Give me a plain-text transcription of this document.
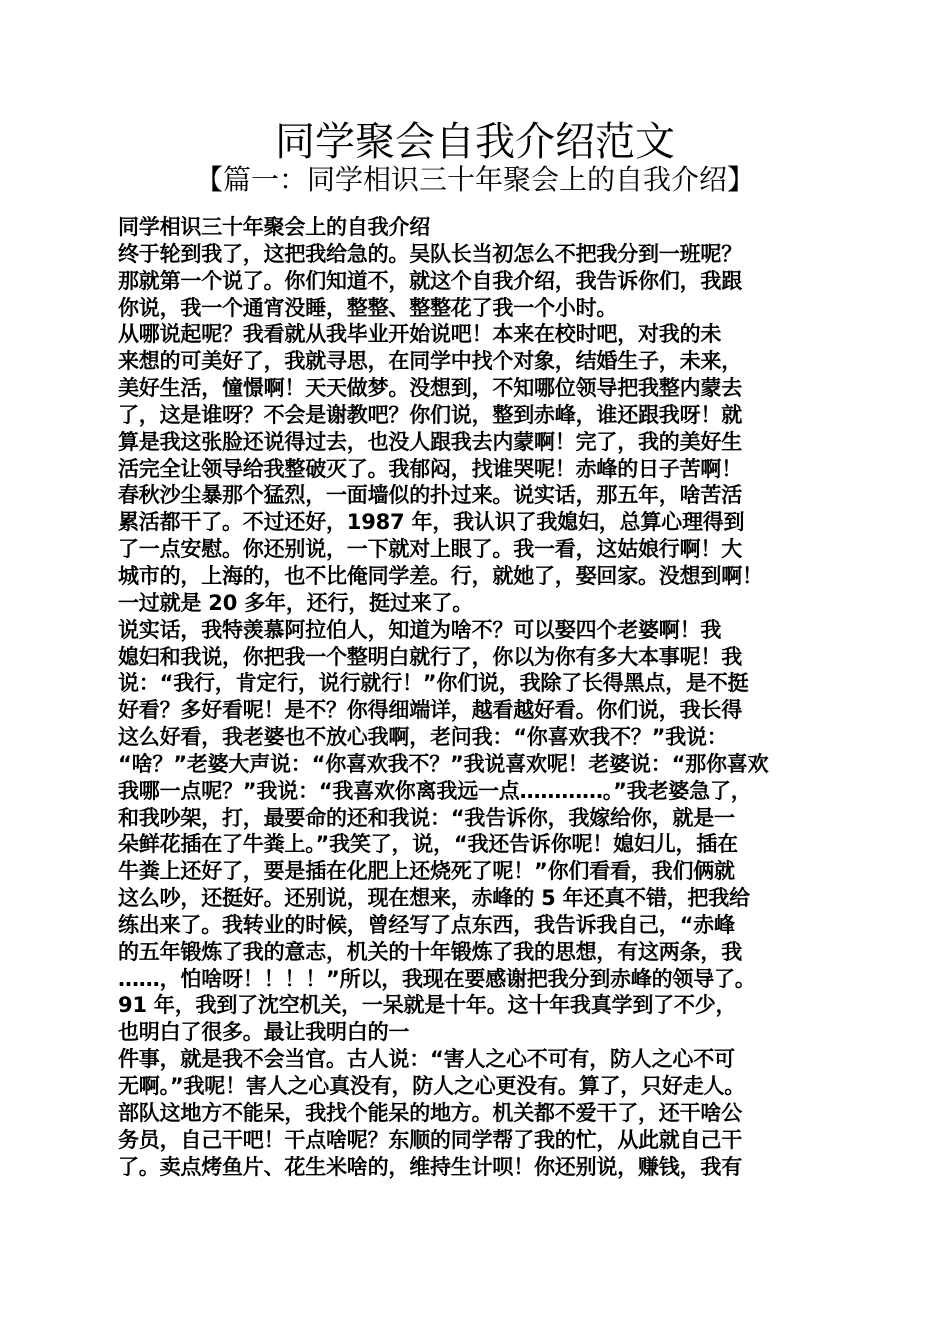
同学聚会自我介绍范文
【篇一：同学相识三十年聚会上的自我介绍】
同学相识三十年聚会上的自我介绍
终于轮到我了，这把我给急的。吴队长当初怎么不把我分到一班呢？
那就第一个说了。你们知道不，就这个自我介绍，我告诉你们，我跟
你说，我一个通宵没睡，整整、整整花了我一个小时。
从哪说起呢？我看就从我毕业开始说吧！本来在校时吧，对我的未
来想的可美好了，我就寻思，在同学中找个对象，结婚生子，未来，
美好生活，憧憬啊！天天做梦。没想到，不知哪位领导把我整内蒙去
了，这是谁呀？不会是谢教吧？你们说，整到赤峰，谁还跟我呀！就
算是我这张脸还说得过去，也没人跟我去内蒙啊！完了，我的美好生
活完全让领导给我整破灭了。我郁闷，找谁哭呢！赤峰的日子苦啊！
春秋沙尘暴那个猛烈，一面墙似的扑过来。说实话，那五年，啥苦活
累活都干了。不过还好，1987 年，我认识了我媳妇，总算心理得到
了一点安慰。你还别说，一下就对上眼了。我一看，这姑娘行啊！大
城市的，上海的，也不比俺同学差。行，就她了，娶回家。没想到啊！
一过就是 20 多年，还行，挺过来了。
说实话，我特羡慕阿拉伯人，知道为啥不？可以娶四个老婆啊！我
媳妇和我说，你把我一个整明白就行了，你以为你有多大本事呢！我
说：“我行，肯定行，说行就行！”你们说，我除了长得黑点，是不挺
好看？多好看呢！是不？你得细端详，越看越好看。你们说，我长得
这么好看，我老婆也不放心我啊，老问我：“你喜欢我不？”我说：
“啥？”老婆大声说：“你喜欢我不？”我说喜欢呢！老婆说：“那你喜欢
我哪一点呢？”我说：“我喜欢你离我远一点…………。”我老婆急了，
和我吵架，打，最要命的还和我说：“我告诉你，我嫁给你，就是一
朵鲜花插在了牛粪上。”我笑了，说，“我还告诉你呢！媳妇儿，插在
牛粪上还好了，要是插在化肥上还烧死了呢！”你们看看，我们俩就
这么吵，还挺好。还别说，现在想来，赤峰的 5 年还真不错，把我给
练出来了。我转业的时候，曾经写了点东西，我告诉我自己，“赤峰
的五年锻炼了我的意志，机关的十年锻炼了我的思想，有这两条，我
……，怕啥呀！！！！”所以，我现在要感谢把我分到赤峰的领导了。
91 年，我到了沈空机关，一呆就是十年。这十年我真学到了不少，
也明白了很多。最让我明白的一
件事，就是我不会当官。古人说：“害人之心不可有，防人之心不可
无啊。”我呢！害人之心真没有，防人之心更没有。算了，只好走人。
部队这地方不能呆，我找个能呆的地方。机关都不爱干了，还干啥公
务员，自己干吧！干点啥呢？东顺的同学帮了我的忙，从此就自己干
了。卖点烤鱼片、花生米啥的，维持生计呗！你还别说，赚钱，我有
